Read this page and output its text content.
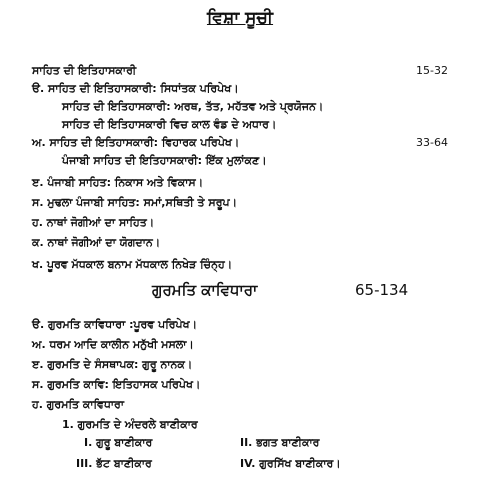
ਵਿਸ਼ਾ ਸੂਚੀ
ਸਾਹਿਤ ਦੀ ਇਤਿਹਾਸਕਾਰੀ	15-32
ੳ. ਸਾਹਿਤ ਦੀ ਇਤਿਹਾਸਕਾਰੀ: ਸਿਧਾਂਤਕ ਪਰਿਪੇਖ।
ਸਾਹਿਤ ਦੀ ਇਤਿਹਾਸਕਾਰੀ: ਅਰਥ, ਤੱਤ, ਮਹੱਤਵ ਅਤੇ ਪ੍ਰਯੋਜਨ।
ਸਾਹਿਤ ਦੀ ਇਤਿਹਾਸਕਾਰੀ ਵਿਚ ਕਾਲ ਵੰਡ ਦੇ ਅਧਾਰ।
ਅ. ਸਾਹਿਤ ਦੀ ਇਤਿਹਾਸਕਾਰੀ: ਵਿਹਾਰਕ ਪਰਿਪੇਖ।	33-64
ਪੰਜਾਬੀ ਸਾਹਿਤ ਦੀ ਇਤਿਹਾਸਕਾਰੀ: ਇੱਕ ਮੁਲਾਂਕਣ।
ੲ. ਪੰਜਾਬੀ ਸਾਹਿਤ: ਨਿਕਾਸ ਅਤੇ ਵਿਕਾਸ।
ਸ. ਮੁਢਲਾ ਪੰਜਾਬੀ ਸਾਹਿਤ: ਸਮਾਂ,ਸਥਿਤੀ ਤੇ ਸਰੂਪ।
ਹ. ਨਾਥਾਂ ਜੋਗੀਆਂ ਦਾ ਸਾਹਿਤ।
ਕ. ਨਾਥਾਂ ਜੋਗੀਆਂ ਦਾ ਯੋਗਦਾਨ।
ਖ. ਪੂਰਵ ਮੱਧਕਾਲ ਬਨਾਮ ਮੱਧਕਾਲ ਨਿਖੇੜ ਚਿੰਨ੍ਹ।
ਗੁਰਮਤਿ ਕਾਵਿਧਾਰਾ	65-134
ੳ. ਗੁਰਮਤਿ ਕਾਵਿਧਾਰਾ :ਪੂਰਵ ਪਰਿਪੇਖ।
ਅ. ਧਰਮ ਆਦਿ ਕਾਲੀਨ ਮਨੁੱਖੀ ਮਸਲਾ।
ੲ. ਗੁਰਮਤਿ ਦੇ ਸੰਸਥਾਪਕ: ਗੁਰੂ ਨਾਨਕ।
ਸ. ਗੁਰਮਤਿ ਕਾਵਿ: ਇਤਿਹਾਸਕ ਪਰਿਪੇਖ।
ਹ. ਗੁਰਮਤਿ ਕਾਵਿਧਾਰਾ
1. ਗੁਰਮਤਿ ਦੇ ਅੰਦਰਲੇ ਬਾਣੀਕਾਰ
I. ਗੁਰੂ ਬਾਣੀਕਾਰ	II. ਭਗਤ ਬਾਣੀਕਾਰ
III. ਭੱਟ ਬਾਣੀਕਾਰ	IV. ਗੁਰਸਿੱਖ ਬਾਣੀਕਾਰ।
